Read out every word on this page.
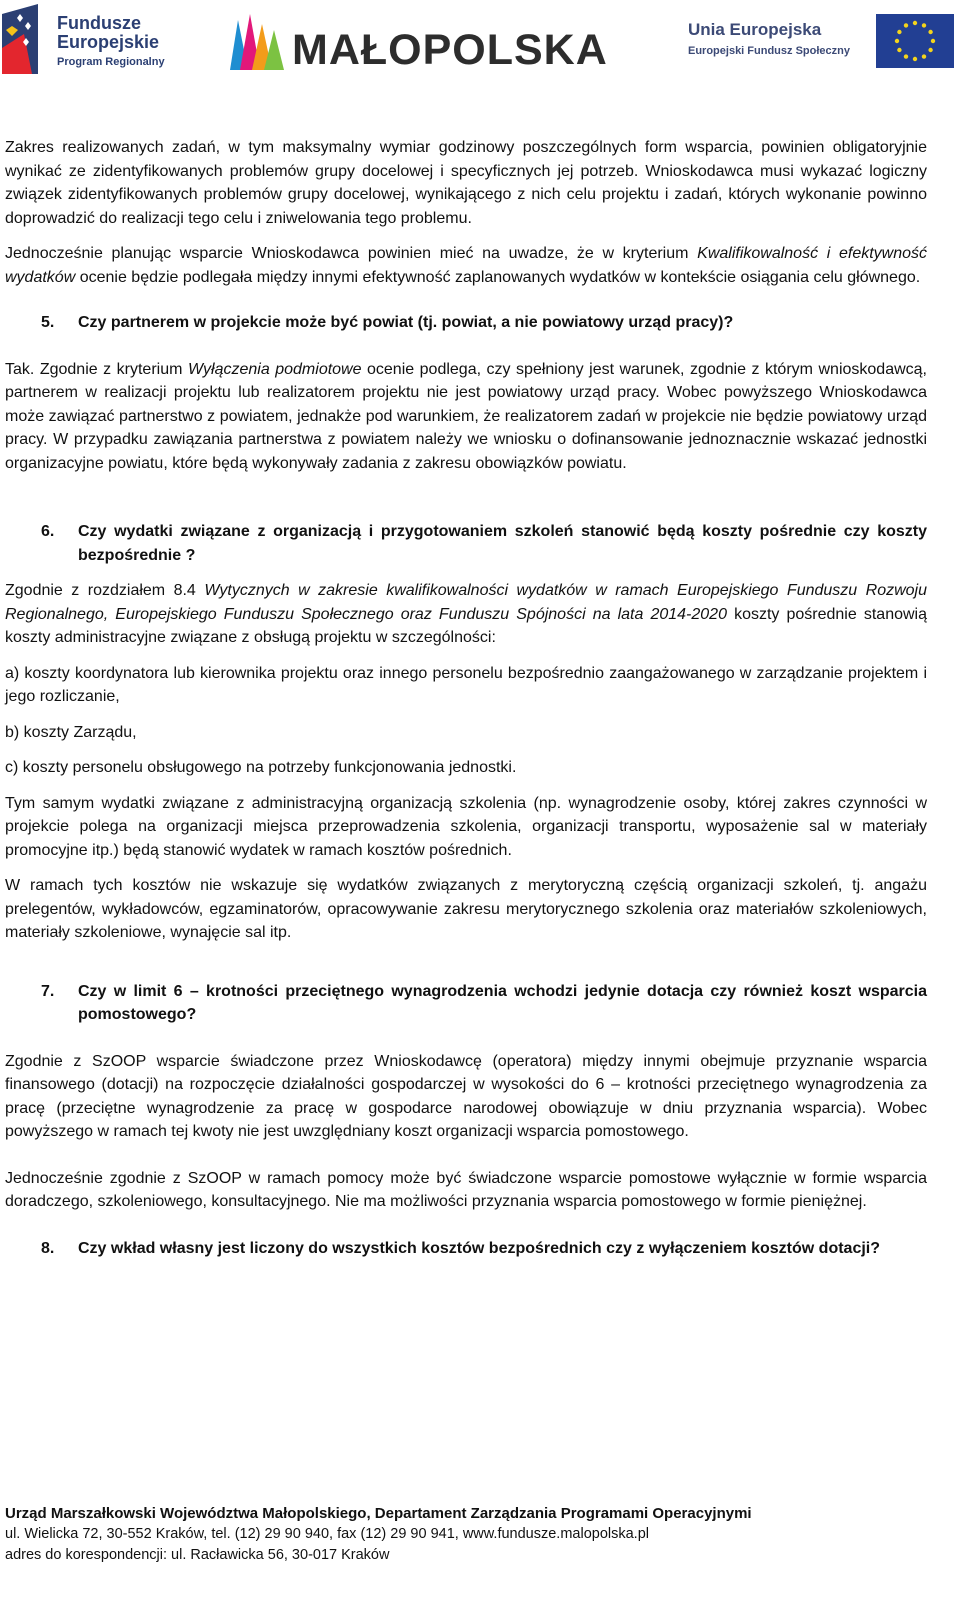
Fundusze
Europejskie
Program Regionalny	MAŁOPOLSKA	Unia Europejska
Europejski Fundusz Społeczny

Zakres realizowanych zadań, w tym maksymalny wymiar godzinowy poszczególnych form wsparcia, powinien obligatoryjnie wynikać ze zidentyfikowanych problemów grupy docelowej i specyficznych jej potrzeb. Wnioskodawca musi wykazać logiczny związek zidentyfikowanych problemów grupy docelowej, wynikającego z nich celu projektu i zadań, których wykonanie powinno doprowadzić do realizacji tego celu i zniwelowania tego problemu.

Jednocześnie planując wsparcie Wnioskodawca powinien mieć na uwadze, że w kryterium Kwalifikowalność i efektywność wydatków ocenie będzie podlegała między innymi efektywność zaplanowanych wydatków w kontekście osiągania celu głównego.

5. Czy partnerem w projekcie może być powiat (tj. powiat, a nie powiatowy urząd pracy)?

Tak. Zgodnie z kryterium Wyłączenia podmiotowe ocenie podlega, czy spełniony jest warunek, zgodnie z którym wnioskodawcą, partnerem w realizacji projektu lub realizatorem projektu nie jest powiatowy urząd pracy. Wobec powyższego Wnioskodawca może zawiązać partnerstwo z powiatem, jednakże pod warunkiem, że realizatorem zadań w projekcie nie będzie powiatowy urząd pracy. W przypadku zawiązania partnerstwa z powiatem należy we wniosku o dofinansowanie jednoznacznie wskazać jednostki organizacyjne powiatu, które będą wykonywały zadania z zakresu obowiązków powiatu.

6. Czy wydatki związane z organizacją i przygotowaniem szkoleń stanowić będą koszty pośrednie czy koszty bezpośrednie ?

Zgodnie z rozdziałem 8.4 Wytycznych w zakresie kwalifikowalności wydatków w ramach Europejskiego Funduszu Rozwoju Regionalnego, Europejskiego Funduszu Społecznego oraz Funduszu Spójności na lata 2014-2020 koszty pośrednie stanowią koszty administracyjne związane z obsługą projektu w szczególności:

a) koszty koordynatora lub kierownika projektu oraz innego personelu bezpośrednio zaangażowanego w zarządzanie projektem i jego rozliczanie,

b) koszty Zarządu,

c) koszty personelu obsługowego na potrzeby funkcjonowania jednostki.

Tym samym wydatki związane z administracyjną organizacją szkolenia (np. wynagrodzenie osoby, której zakres czynności w projekcie polega na organizacji miejsca przeprowadzenia szkolenia, organizacji transportu, wyposażenie sal w materiały promocyjne itp.) będą stanowić wydatek w ramach kosztów pośrednich.

W ramach tych kosztów nie wskazuje się wydatków związanych z merytoryczną częścią organizacji szkoleń, tj. angażu prelegentów, wykładowców, egzaminatorów, opracowywanie zakresu merytorycznego szkolenia oraz materiałów szkoleniowych, materiały szkoleniowe, wynajęcie sal itp.

7. Czy w limit 6 – krotności przeciętnego wynagrodzenia wchodzi jedynie dotacja czy również koszt wsparcia pomostowego?

Zgodnie z SzOOP wsparcie świadczone przez Wnioskodawcę (operatora) między innymi obejmuje przyznanie wsparcia finansowego (dotacji) na rozpoczęcie działalności gospodarczej w wysokości do 6 – krotności przeciętnego wynagrodzenia za pracę (przeciętne wynagrodzenie za pracę w gospodarce narodowej obowiązuje w dniu przyznania wsparcia). Wobec powyższego w ramach tej kwoty nie jest uwzględniany koszt organizacji wsparcia pomostowego.

Jednocześnie zgodnie z SzOOP w ramach pomocy może być świadczone wsparcie pomostowe wyłącznie w formie wsparcia doradczego, szkoleniowego, konsultacyjnego. Nie ma możliwości przyznania wsparcia pomostowego w formie pieniężnej.

8. Czy wkład własny jest liczony do wszystkich kosztów bezpośrednich czy z wyłączeniem kosztów dotacji?

Urząd Marszałkowski Województwa Małopolskiego, Departament Zarządzania Programami Operacyjnymi

ul. Wielicka 72, 30-552 Kraków, tel. (12) 29 90 940, fax (12) 29 90 941, www.fundusze.malopolska.pl

adres do korespondencji: ul. Racławicka 56, 30-017 Kraków
